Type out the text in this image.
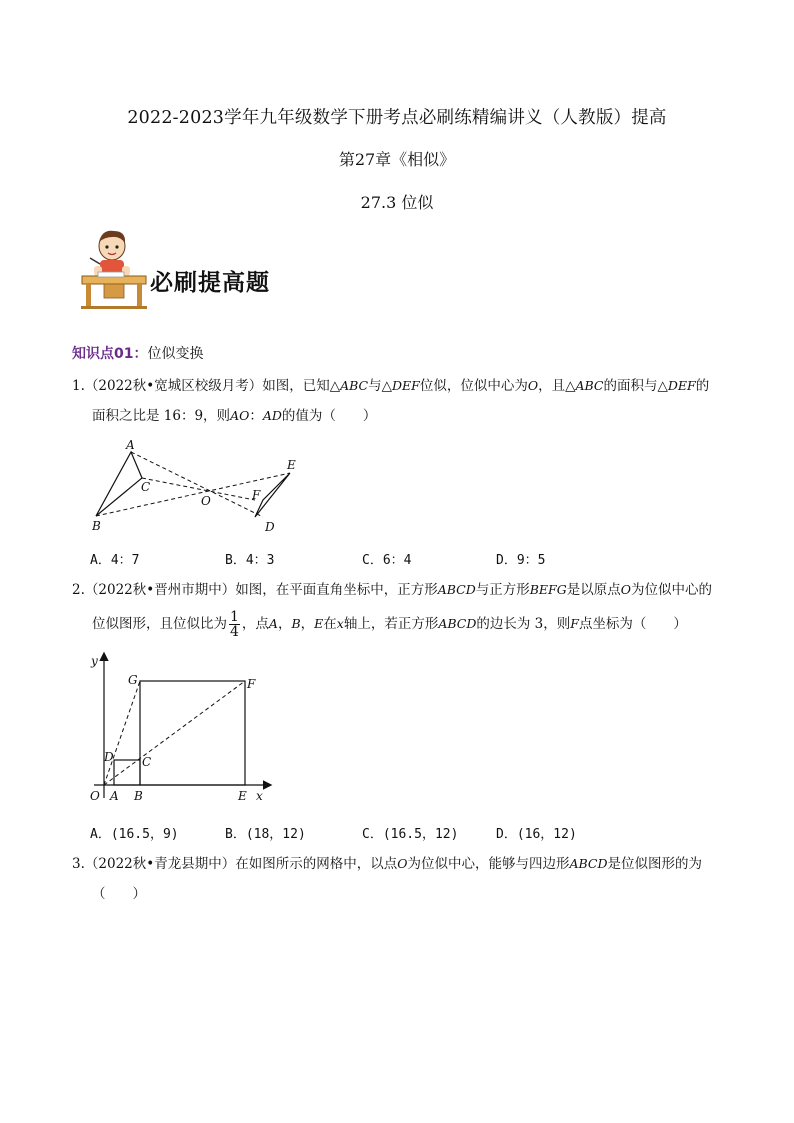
2022-2023学年九年级数学下册考点必刷练精编讲义（人教版）提高
第27章《相似》
27.3 位似
必刷提高题
知识点01：位似变换
1.（2022秋•宽城区校级月考）如图，已知△ABC与△DEF位似，位似中心为O，且△ABC的面积与△DEF的
面积之比是 16：9，则AO：AD的值为（　　）
A
B
C
O
D
E
F
A．4：7	B．4：3	C．6：4	D．9：5
2.（2022秋•晋州市期中）如图，在平面直角坐标中，正方形ABCD与正方形BEFG是以原点O为位似中心的
位似图形，且位似比为 $\frac{1}{4}$ ，点A，B，E在x轴上，若正方形ABCD的边长为 3，则F点坐标为（　　）
y
x
O A B	E
G	F
D C
A．(16.5，9)	B．(18，12)	C．(16.5，12)	D．(16，12)
3.（2022秋•青龙县期中）在如图所示的网格中，以点O为位似中心，能够与四边形ABCD是位似图形的为
（　　）
